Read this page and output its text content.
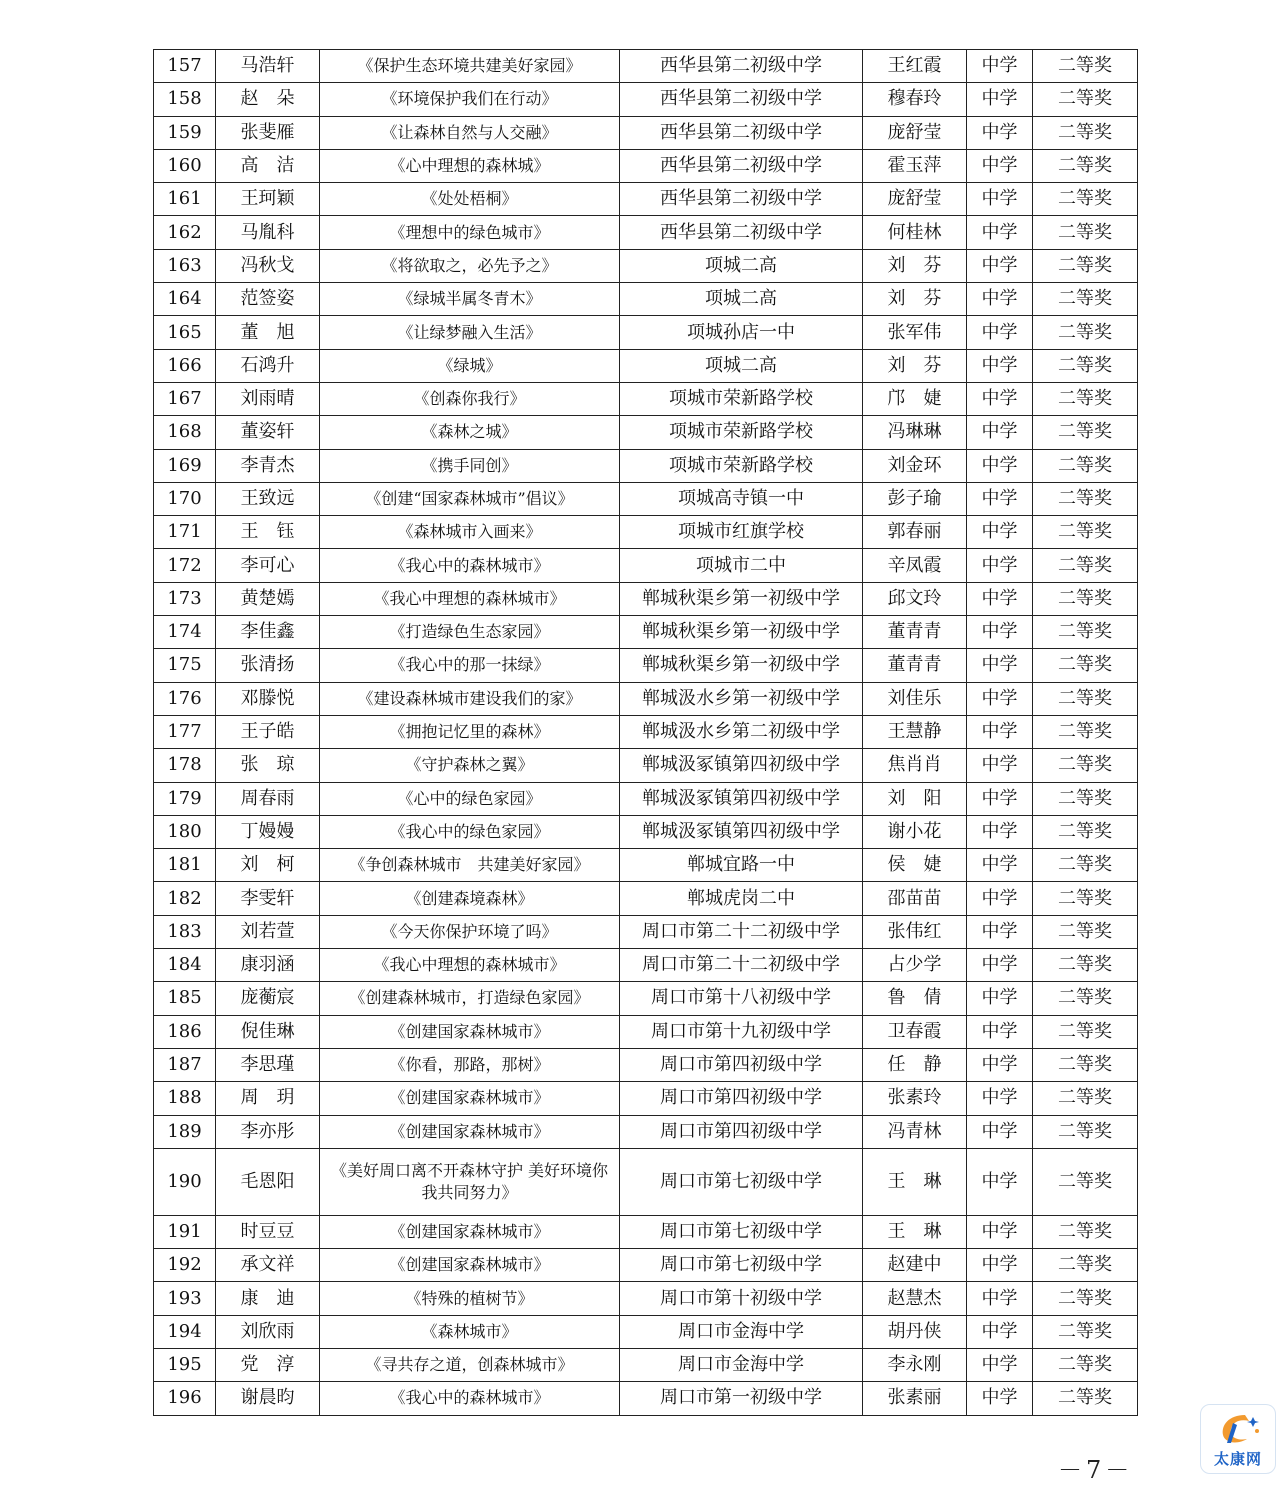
157	马浩轩	《保护生态环境共建美好家园》	西华县第二初级中学	王红霞	中学	二等奖
158	赵　朵	《环境保护我们在行动》	西华县第二初级中学	穆春玲	中学	二等奖
159	张斐雁	《让森林自然与人交融》	西华县第二初级中学	庞舒莹	中学	二等奖
160	高　洁	《心中理想的森林城》	西华县第二初级中学	霍玉萍	中学	二等奖
161	王珂颖	《处处梧桐》	西华县第二初级中学	庞舒莹	中学	二等奖
162	马胤科	《理想中的绿色城市》	西华县第二初级中学	何桂林	中学	二等奖
163	冯秋戈	《将欲取之，必先予之》	项城二高	刘　芬	中学	二等奖
164	范签姿	《绿城半属冬青木》	项城二高	刘　芬	中学	二等奖
165	董　旭	《让绿梦融入生活》	项城孙店一中	张军伟	中学	二等奖
166	石鸿升	《绿城》	项城二高	刘　芬	中学	二等奖
167	刘雨晴	《创森你我行》	项城市荣新路学校	邝　婕	中学	二等奖
168	董姿轩	《森林之城》	项城市荣新路学校	冯琳琳	中学	二等奖
169	李青杰	《携手同创》	项城市荣新路学校	刘金环	中学	二等奖
170	王致远	《创建“国家森林城市”倡议》	项城高寺镇一中	彭子瑜	中学	二等奖
171	王　钰	《森林城市入画来》	项城市红旗学校	郭春丽	中学	二等奖
172	李可心	《我心中的森林城市》	项城市二中	辛凤霞	中学	二等奖
173	黄楚嫣	《我心中理想的森林城市》	郸城秋渠乡第一初级中学	邱文玲	中学	二等奖
174	李佳鑫	《打造绿色生态家园》	郸城秋渠乡第一初级中学	董青青	中学	二等奖
175	张清扬	《我心中的那一抹绿》	郸城秋渠乡第一初级中学	董青青	中学	二等奖
176	邓滕悦	《建设森林城市建设我们的家》	郸城汲水乡第一初级中学	刘佳乐	中学	二等奖
177	王子皓	《拥抱记忆里的森林》	郸城汲水乡第二初级中学	王慧静	中学	二等奖
178	张　琼	《守护森林之翼》	郸城汲冢镇第四初级中学	焦肖肖	中学	二等奖
179	周春雨	《心中的绿色家园》	郸城汲冢镇第四初级中学	刘　阳	中学	二等奖
180	丁嫚嫚	《我心中的绿色家园》	郸城汲冢镇第四初级中学	谢小花	中学	二等奖
181	刘　柯	《争创森林城市　共建美好家园》	郸城宜路一中	侯　婕	中学	二等奖
182	李雯轩	《创建森境森林》	郸城虎岗二中	邵苗苗	中学	二等奖
183	刘若萱	《今天你保护环境了吗》	周口市第二十二初级中学	张伟红	中学	二等奖
184	康羽涵	《我心中理想的森林城市》	周口市第二十二初级中学	占少学	中学	二等奖
185	庞蘅宸	《创建森林城市，打造绿色家园》	周口市第十八初级中学	鲁　倩	中学	二等奖
186	倪佳琳	《创建国家森林城市》	周口市第十九初级中学	卫春霞	中学	二等奖
187	李思瑾	《你看，那路，那树》	周口市第四初级中学	任　静	中学	二等奖
188	周　玥	《创建国家森林城市》	周口市第四初级中学	张素玲	中学	二等奖
189	李亦彤	《创建国家森林城市》	周口市第四初级中学	冯青林	中学	二等奖
190	毛恩阳	《美好周口离不开森林守护 美好环境你我共同努力》	周口市第七初级中学	王　琳	中学	二等奖
191	时豆豆	《创建国家森林城市》	周口市第七初级中学	王　琳	中学	二等奖
192	承文祥	《创建国家森林城市》	周口市第七初级中学	赵建中	中学	二等奖
193	康　迪	《特殊的植树节》	周口市第十初级中学	赵慧杰	中学	二等奖
194	刘欣雨	《森林城市》	周口市金海中学	胡丹侠	中学	二等奖
195	党　淳	《寻共存之道，创森林城市》	周口市金海中学	李永刚	中学	二等奖
196	谢晨昀	《我心中的森林城市》	周口市第一初级中学	张素丽	中学	二等奖
－7－	太康网
